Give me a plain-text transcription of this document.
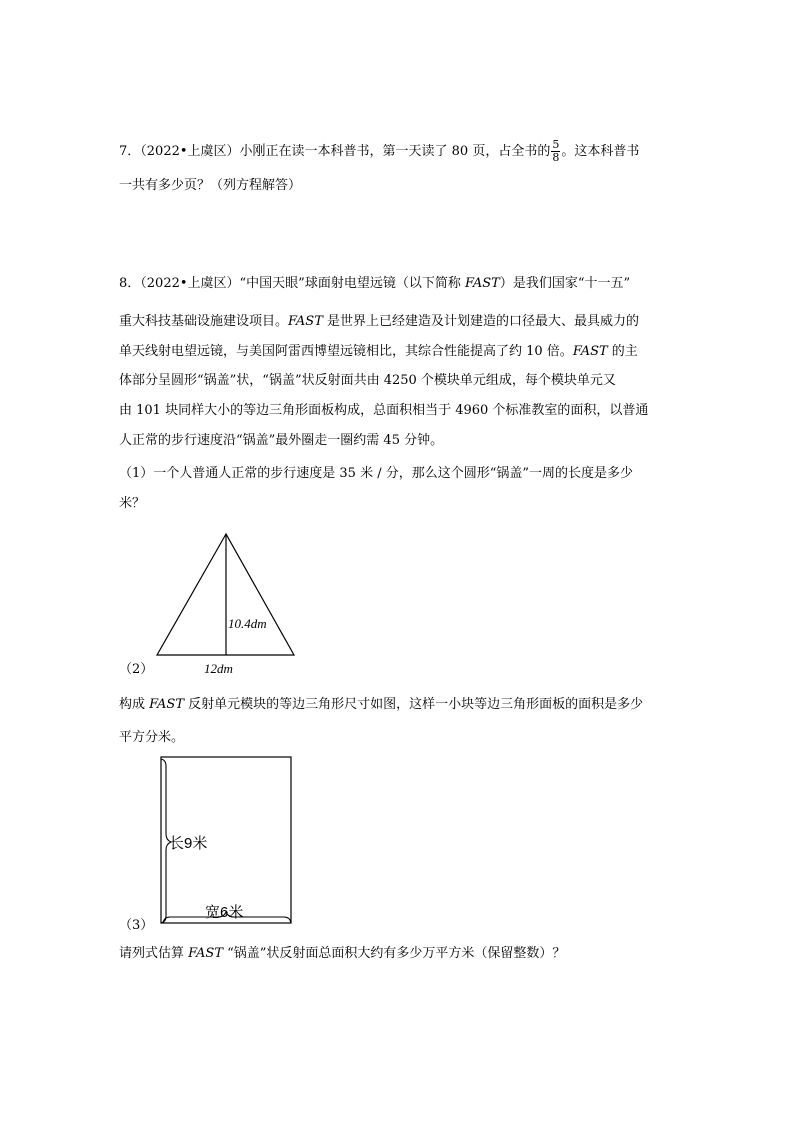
7．（2022•上虞区）小刚正在读一本科普书，第一天读了 80 页，占全书的 $\frac{5}{8}$ 。这本科普书
一共有多少页？（列方程解答）
8．（2022•上虞区）“中国天眼”球面射电望远镜（以下简称 FAST）是我们国家“十一五”
重大科技基础设施建设项目。FAST 是世界上已经建造及计划建造的口径最大、最具威力的
单天线射电望远镜，与美国阿雷西博望远镜相比，其综合性能提高了约 10 倍。FAST 的主
体部分呈圆形“锅盖”状，“锅盖”状反射面共由 4250 个模块单元组成，每个模块单元又
由 101 块同样大小的等边三角形面板构成，总面积相当于 4960 个标准教室的面积，以普通
人正常的步行速度沿“锅盖”最外圈走一圈约需 45 分钟。
（1）一个人普通人正常的步行速度是 35 米 / 分，那么这个圆形“锅盖”一周的长度是多少
米？
10.4dm
12dm
（2）
构成 FAST 反射单元模块的等边三角形尺寸如图，这样一小块等边三角形面板的面积是多少
平方分米。
长9米
宽6米
（3）
请列式估算 FAST “锅盖”状反射面总面积大约有多少万平方米（保留整数）？
